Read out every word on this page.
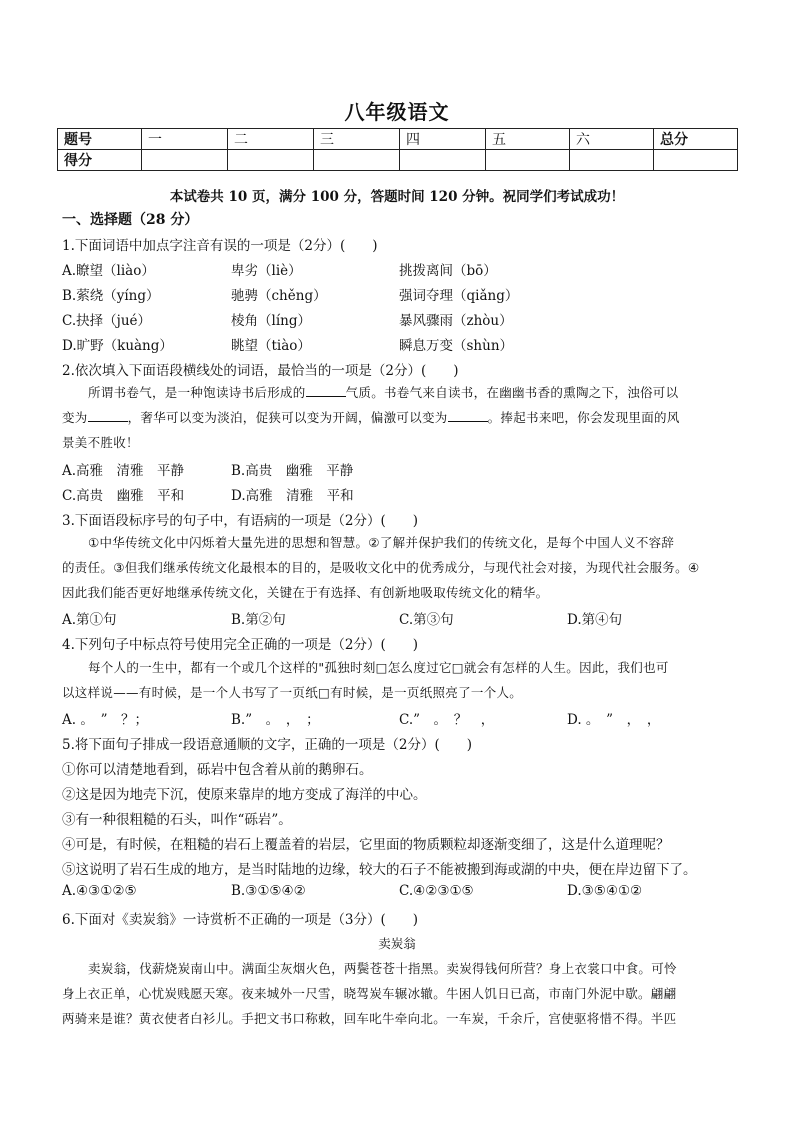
八年级语文
题号	一	二	三	四	五	六	总分
得分							
本试卷共 10 页，满分 100 分，答题时间 120 分钟。祝同学们考试成功！
一、选择题（28 分）
1.下面词语中加点字注音有误的一项是（2分）(　　)
A.瞭望（liào）	卑劣（liè）	挑拨离间（bō）
B.萦绕（yíng）	驰骋（chěng）	强词夺理（qiǎng）
C.抉择（jué）	棱角（líng）	暴风骤雨（zhòu）
D.旷野（kuàng）	眺望（tiào）	瞬息万变（shùn）
2.依次填入下面语段横线处的词语，最恰当的一项是（2分）(　　)
所谓书卷气，是一种饱读诗书后形成的	气质。书卷气来自读书，在幽幽书香的熏陶之下，浊俗可以
变为	，奢华可以变为淡泊，促狭可以变为开阔，偏激可以变为	。捧起书来吧，你会发现里面的风
景美不胜收！
A.高雅　清雅　平静	B.高贵　幽雅　平静
C.高贵　幽雅　平和	D.高雅　清雅　平和
3.下面语段标序号的句子中，有语病的一项是（2分）(　　)
①中华传统文化中闪烁着大量先进的思想和智慧。②了解并保护我们的传统文化，是每个中国人义不容辞
的责任。③但我们继承传统文化最根本的目的，是吸收文化中的优秀成分，与现代社会对接，为现代社会服务。④
因此我们能否更好地继承传统文化，关键在于有选择、有创新地吸取传统文化的精华。
A.第①句	B.第②句	C.第③句	D.第④句
4.下列句子中标点符号使用完全正确的一项是（2分）(　　)
每个人的一生中，都有一个或几个这样的"孤独时刻□怎么度过它□就会有怎样的人生。因此，我们也可
以这样说——有时候，是一个人书写了一页纸□有时候，是一页纸照亮了一个人。
A. 。　”　？；	B.”　。　，　；	C.”　。　？　，	D. 。　”　，　，
5.将下面句子排成一段语意通顺的文字，正确的一项是（2分）(　　)
①你可以清楚地看到，砾岩中包含着从前的鹅卵石。
②这是因为地壳下沉，使原来靠岸的地方变成了海洋的中心。
③有一种很粗糙的石头，叫作“砾岩”。
④可是，有时候，在粗糙的岩石上覆盖着的岩层，它里面的物质颗粒却逐渐变细了，这是什么道理呢？
⑤这说明了岩石生成的地方，是当时陆地的边缘，较大的石子不能被搬到海或湖的中央，便在岸边留下了。
A.④③①②⑤	B.③①⑤④②	C.④②③①⑤	D.③⑤④①②
6.下面对《卖炭翁》一诗赏析不正确的一项是（3分）(　　)
卖炭翁
卖炭翁，伐薪烧炭南山中。满面尘灰烟火色，两鬓苍苍十指黑。卖炭得钱何所营？身上衣裳口中食。可怜
身上衣正单，心忧炭贱愿天寒。夜来城外一尺雪，晓驾炭车辗冰辙。牛困人饥日已高，市南门外泥中歇。翩翩
两骑来是谁？黄衣使者白衫儿。手把文书口称敕，回车叱牛牵向北。一车炭，千余斤，宫使驱将惜不得。半匹
